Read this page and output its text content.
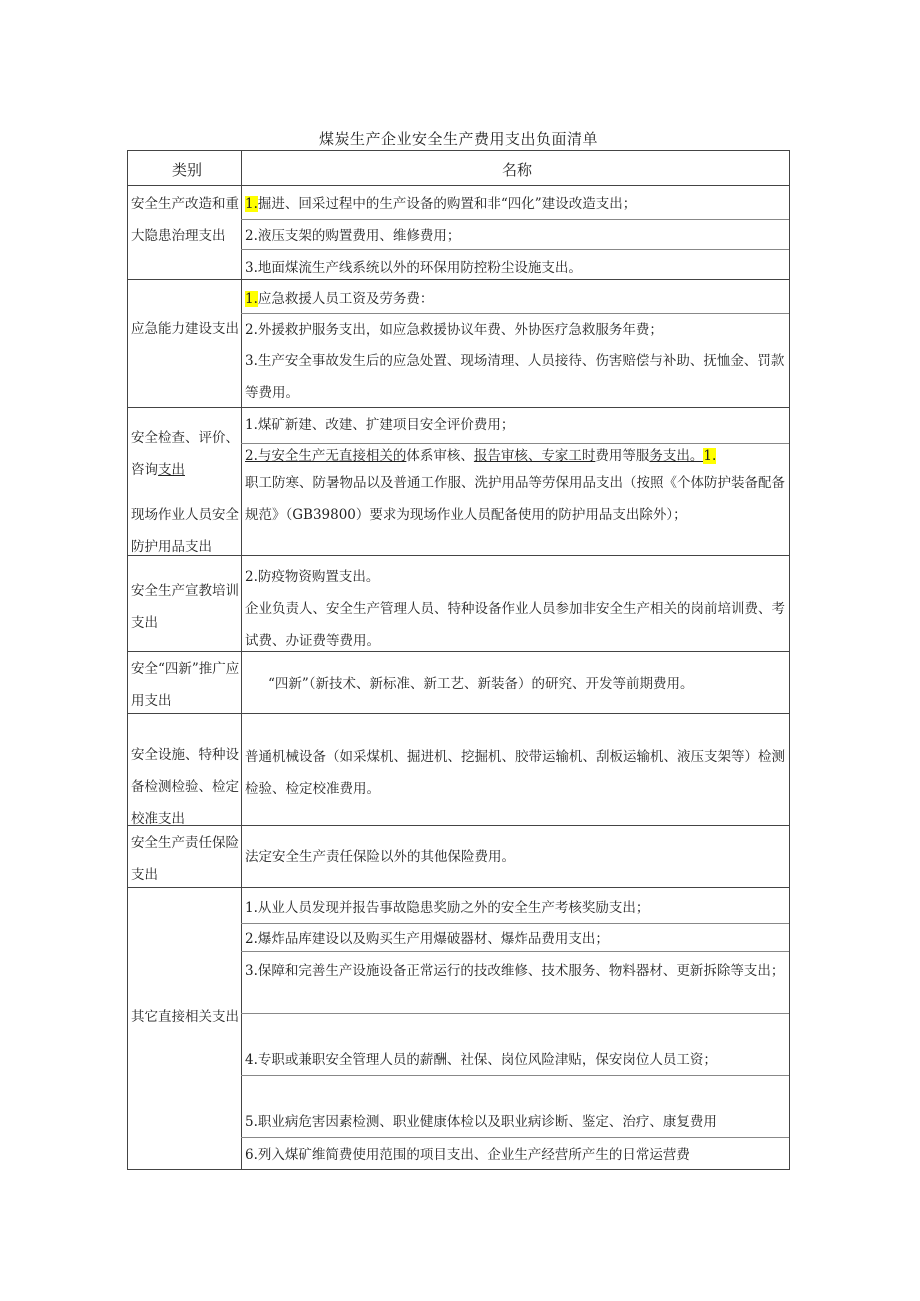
煤炭生产企业安全生产费用支出负面清单
类别	名称
安全生产改造和重大隐患治理支出
1.掘进、回采过程中的生产设备的购置和非“四化”建设改造支出；
2.液压支架的购置费用、维修费用；
3.地面煤流生产线系统以外的环保用防控粉尘设施支出。
应急能力建设支出
1.应急救援人员工资及劳务费：
2.外援救护服务支出，如应急救援协议年费、外协医疗急救服务年费；
3.生产安全事故发生后的应急处置、现场清理、人员接待、伤害赔偿与补助、抚恤金、罚款等费用。
安全检查、评价、咨询支出
现场作业人员安全防护用品支出
1.煤矿新建、改建、扩建项目安全评价费用；
2.与安全生产无直接相关的体系审核、报告审核、专家工时费用等服务支出。1.
职工防寒、防暑物品以及普通工作服、洗护用品等劳保用品支出（按照《个体防护装备配备规范》（GB39800）要求为现场作业人员配备使用的防护用品支出除外）；
安全生产宣教培训支出
2.防疫物资购置支出。
企业负责人、安全生产管理人员、特种设备作业人员参加非安全生产相关的岗前培训费、考试费、办证费等费用。
安全“四新”推广应用支出
“四新”（新技术、新标准、新工艺、新装备）的研究、开发等前期费用。
安全设施、特种设备检测检验、检定校准支出
普通机械设备（如采煤机、掘进机、挖掘机、胶带运输机、刮板运输机、液压支架等）检测检验、检定校准费用。
安全生产责任保险支出
法定安全生产责任保险以外的其他保险费用。
其它直接相关支出
1.从业人员发现并报告事故隐患奖励之外的安全生产考核奖励支出；
2.爆炸品库建设以及购买生产用爆破器材、爆炸品费用支出；
3.保障和完善生产设施设备正常运行的技改维修、技术服务、物料器材、更新拆除等支出；
4.专职或兼职安全管理人员的薪酬、社保、岗位风险津贴，保安岗位人员工资；
5.职业病危害因素检测、职业健康体检以及职业病诊断、鉴定、治疗、康复费用
6.列入煤矿维简费使用范围的项目支出、企业生产经营所产生的日常运营费
